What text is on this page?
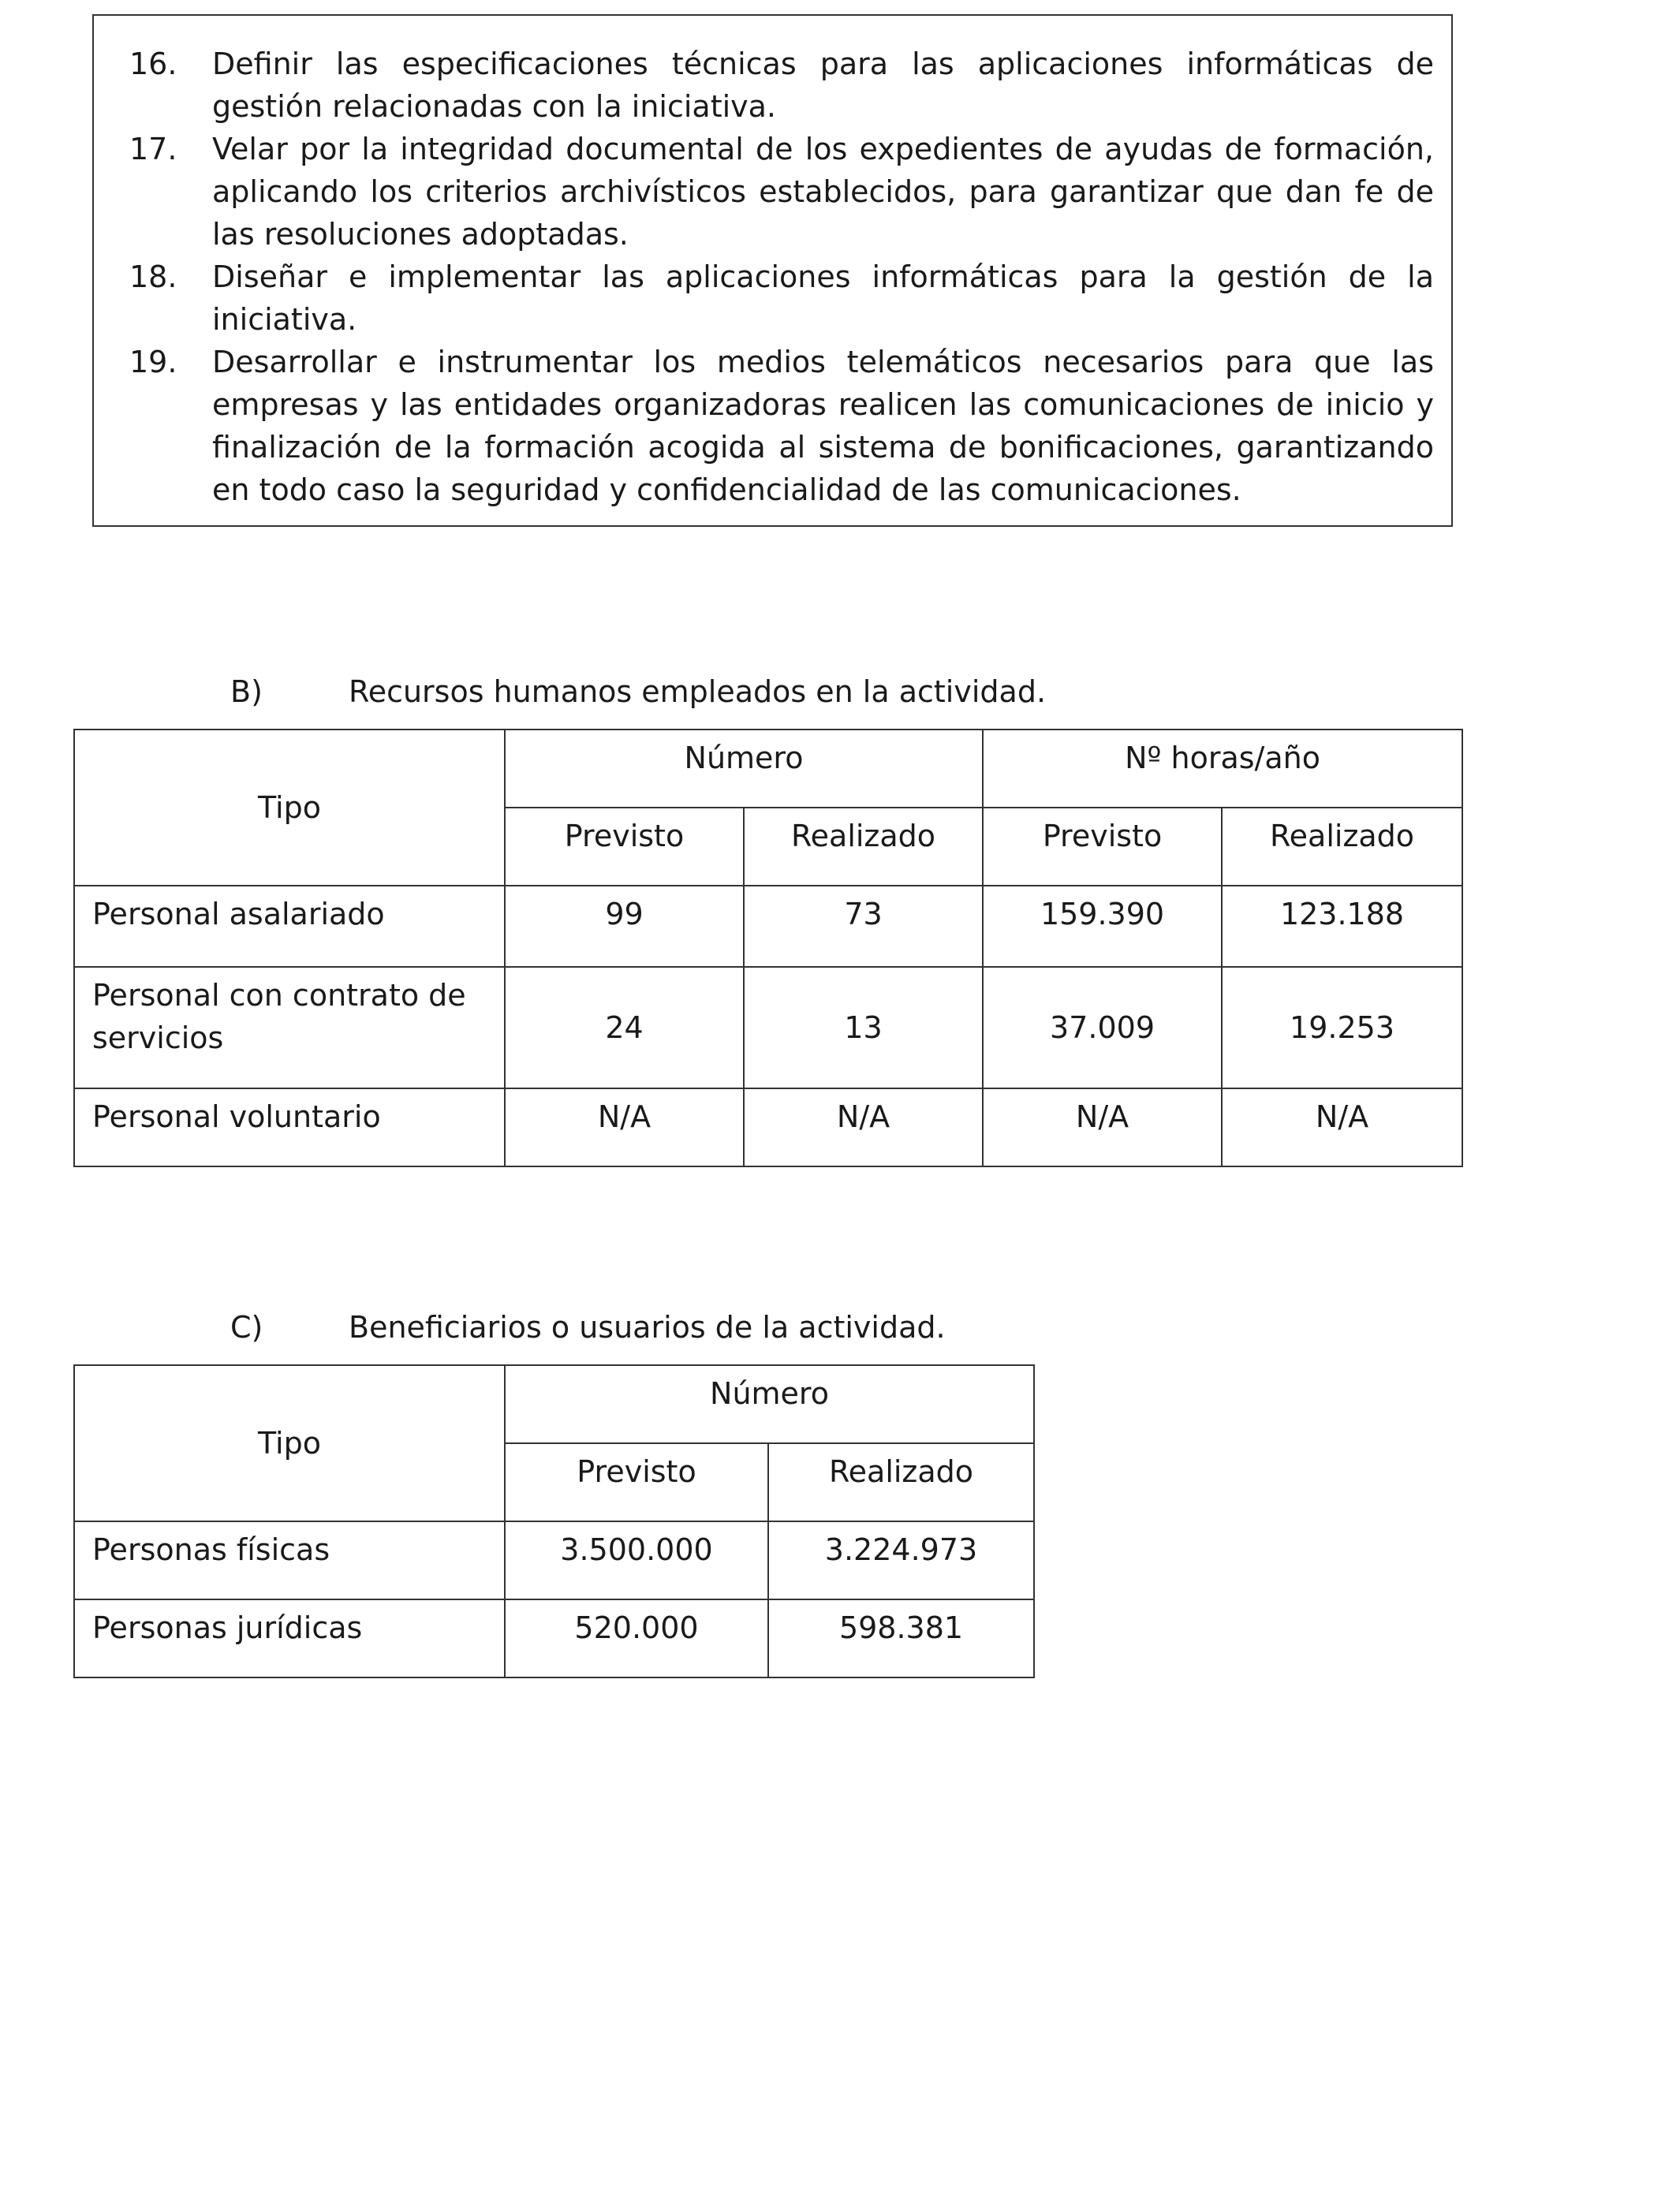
16. Definir las especificaciones técnicas para las aplicaciones informáticas de gestión relacionadas con la iniciativa.
17. Velar por la integridad documental de los expedientes de ayudas de formación, aplicando los criterios archivísticos establecidos, para garantizar que dan fe de las resoluciones adoptadas.
18. Diseñar e implementar las aplicaciones informáticas para la gestión de la iniciativa.
19. Desarrollar e instrumentar los medios telemáticos necesarios para que las empresas y las entidades organizadoras realicen las comunicaciones de inicio y finalización de la formación acogida al sistema de bonificaciones, garantizando en todo caso la seguridad y confidencialidad de las comunicaciones.
B)	Recursos humanos empleados en la actividad.
Tipo	Número		Nº horas/año	
	Previsto	Realizado	Previsto	Realizado
Personal asalariado	99	73	159.390	123.188
Personal con contrato de servicios	24	13	37.009	19.253
Personal voluntario	N/A	N/A	N/A	N/A
C)	Beneficiarios o usuarios de la actividad.
Tipo	Número	
	Previsto	Realizado
Personas físicas	3.500.000	3.224.973
Personas jurídicas	520.000	598.381
